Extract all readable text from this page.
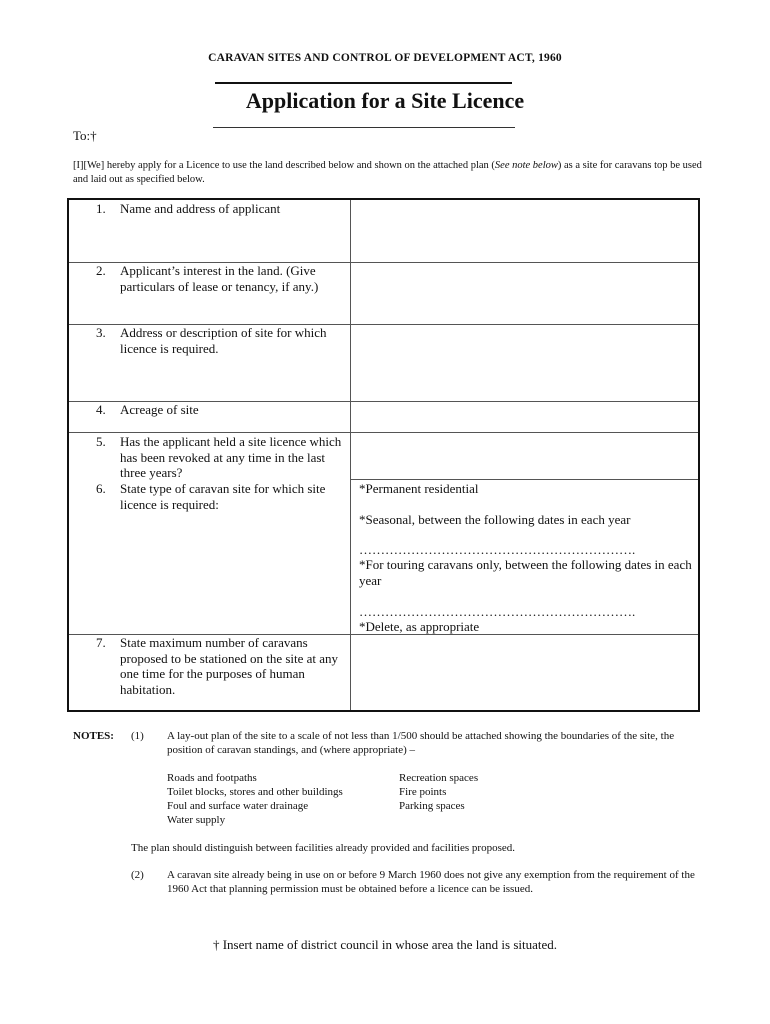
CARAVAN SITES AND CONTROL OF DEVELOPMENT ACT, 1960
Application for a Site Licence
To:†
[I][We] hereby apply for a Licence to use the land described below and shown on the attached plan (See note below) as a site for caravans top be used and laid out as specified below.
1. Name and address of applicant
2. Applicant’s interest in the land. (Give particulars of lease or tenancy, if any.)
3. Address or description of site for which licence is required.
4. Acreage of site
5. Has the applicant held a site licence which has been revoked at any time in the last three years?
6. State type of caravan site for which site licence is required:
*Permanent residential
*Seasonal, between the following dates in each year
……………………………………………………….
*For touring caravans only, between the following dates in each year
……………………………………………………….
*Delete, as appropriate
7. State maximum number of caravans proposed to be stationed on the site at any one time for the purposes of human habitation.
NOTES: (1) A lay-out plan of the site to a scale of not less than 1/500 should be attached showing the boundaries of the site, the position of caravan standings, and (where appropriate) –
Roads and footpaths
Toilet blocks, stores and other buildings
Foul and surface water drainage
Water supply
Recreation spaces
Fire points
Parking spaces
The plan should distinguish between facilities already provided and facilities proposed.
(2) A caravan site already being in use on or before 9 March 1960 does not give any exemption from the requirement of the 1960 Act that planning permission must be obtained before a licence can be issued.
† Insert name of district council in whose area the land is situated.
